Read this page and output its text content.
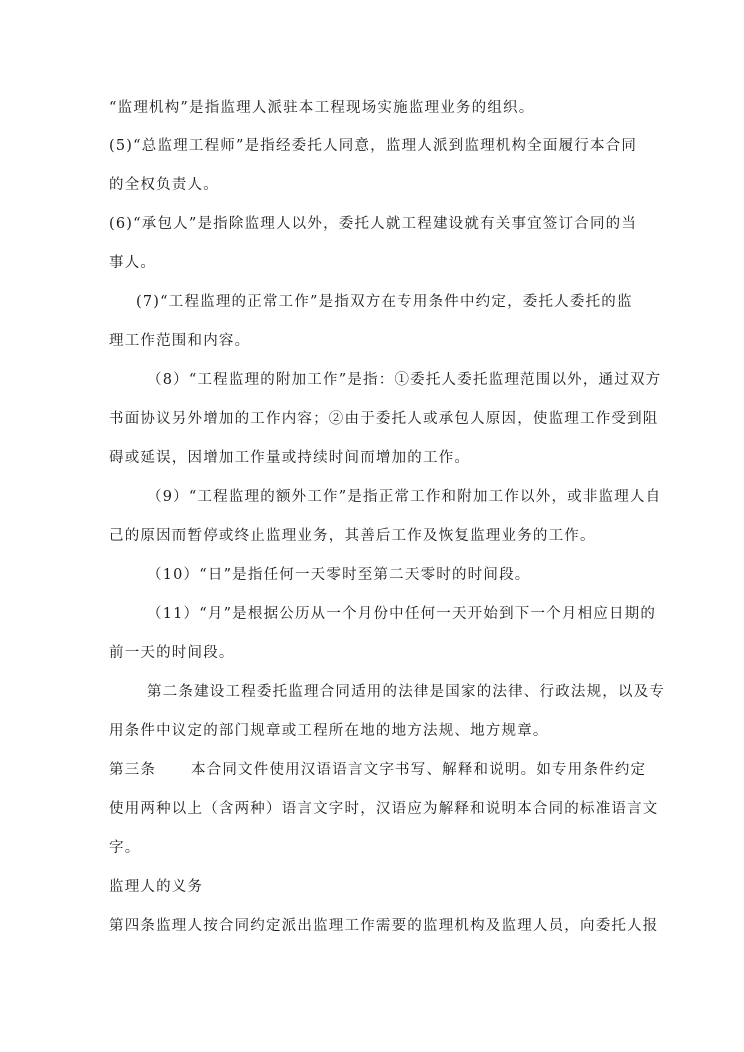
“监理机构”是指监理人派驻本工程现场实施监理业务的组织。
(5)“总监理工程师”是指经委托人同意，监理人派到监理机构全面履行本合同
的全权负责人。
(6)“承包人”是指除监理人以外，委托人就工程建设就有关事宜签订合同的当
事人。
(7)“工程监理的正常工作”是指双方在专用条件中约定，委托人委托的监
理工作范围和内容。
（8）“工程监理的附加工作”是指：①委托人委托监理范围以外，通过双方
书面协议另外增加的工作内容；②由于委托人或承包人原因，使监理工作受到阻
碍或延误，因增加工作量或持续时间而增加的工作。
（9）“工程监理的额外工作”是指正常工作和附加工作以外，或非监理人自
己的原因而暂停或终止监理业务，其善后工作及恢复监理业务的工作。
（10）“日”是指任何一天零时至第二天零时的时间段。
（11）“月”是根据公历从一个月份中任何一天开始到下一个月相应日期的
前一天的时间段。
第二条建设工程委托监理合同适用的法律是国家的法律、行政法规，以及专
用条件中议定的部门规章或工程所在地的地方法规、地方规章。
第三条      本合同文件使用汉语语言文字书写、解释和说明。如专用条件约定
使用两种以上（含两种）语言文字时，汉语应为解释和说明本合同的标准语言文
字。
监理人的义务
第四条监理人按合同约定派出监理工作需要的监理机构及监理人员，向委托人报
